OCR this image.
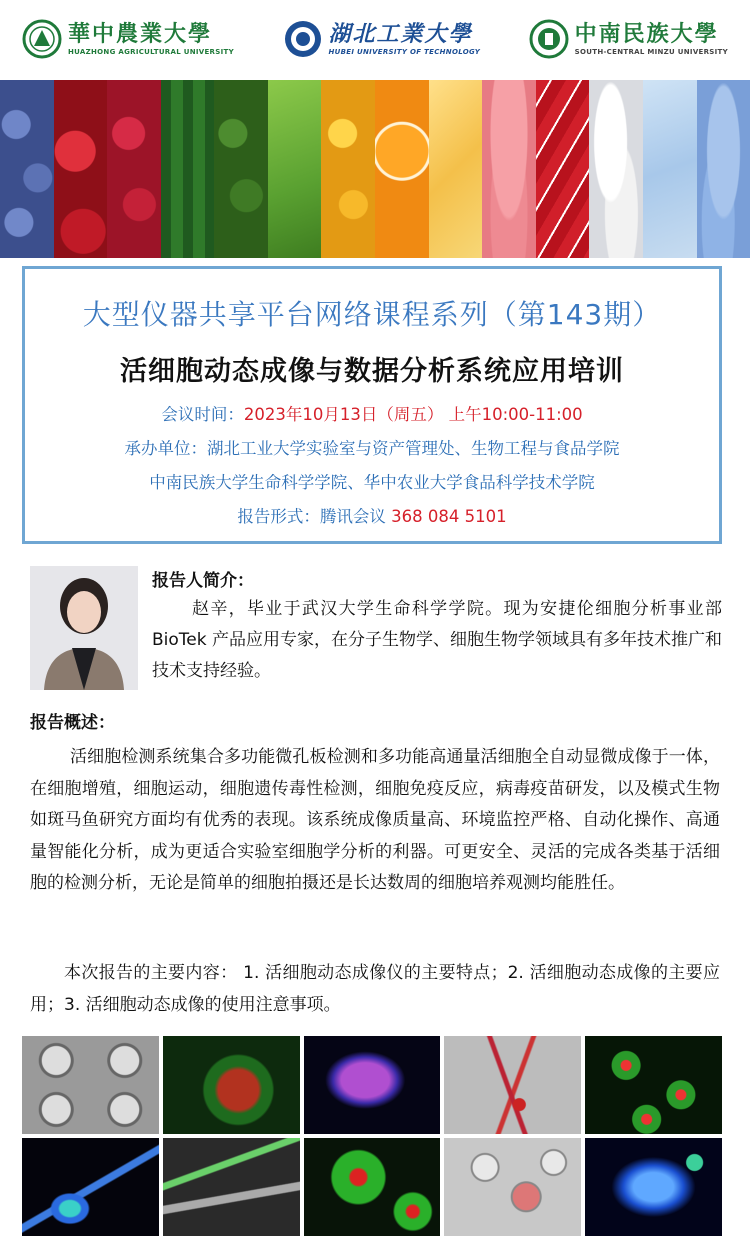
華中農業大學
HUAZHONG AGRICULTURAL UNIVERSITY
湖北工業大學
HUBEI UNIVERSITY OF TECHNOLOGY
中南民族大學
SOUTH-CENTRAL MINZU UNIVERSITY
大型仪器共享平台网络课程系列（第143期）
活细胞动态成像与数据分析系统应用培训
会议时间：2023年10月13日（周五） 上午10:00-11:00
承办单位：湖北工业大学实验室与资产管理处、生物工程与食品学院
中南民族大学生命科学学院、华中农业大学食品科学技术学院
报告形式：腾讯会议 368 084 5101
报告人简介：
赵辛，毕业于武汉大学生命科学学院。现为安捷伦细胞分析事业部 BioTek 产品应用专家，在分子生物学、细胞生物学领域具有多年技术推广和技术支持经验。
报告概述：
活细胞检测系统集合多功能微孔板检测和多功能高通量活细胞全自动显微成像于一体，在细胞增殖，细胞运动，细胞遗传毒性检测，细胞免疫反应，病毒疫苗研发，以及模式生物如斑马鱼研究方面均有优秀的表现。该系统成像质量高、环境监控严格、自动化操作、高通量智能化分析，成为更适合实验室细胞学分析的利器。可更安全、灵活的完成各类基于活细胞的检测分析，无论是简单的细胞拍摄还是长达数周的细胞培养观测均能胜任。
本次报告的主要内容： 1. 活细胞动态成像仪的主要特点；2. 活细胞动态成像的主要应用；3. 活细胞动态成像的使用注意事项。
